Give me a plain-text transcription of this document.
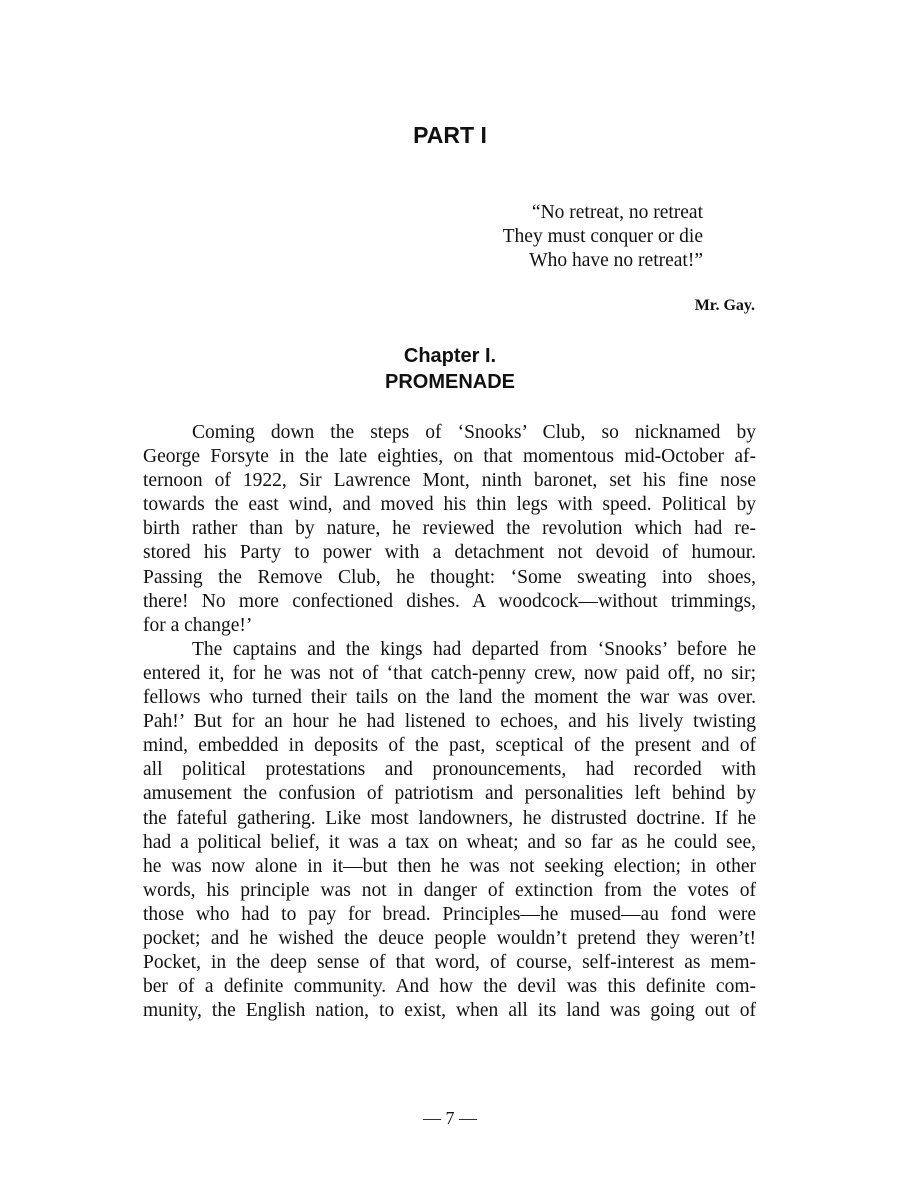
PART I
“No retreat, no retreat
They must conquer or die
Who have no retreat!”
Mr. Gay.
Chapter I.
PROMENADE
Coming down the steps of ‘Snooks’ Club, so nicknamed by
George Forsyte in the late eighties, on that momentous mid-October af-
ternoon of 1922, Sir Lawrence Mont, ninth baronet, set his fine nose
towards the east wind, and moved his thin legs with speed. Political by
birth rather than by nature, he reviewed the revolution which had re-
stored his Party to power with a detachment not devoid of humour.
Passing the Remove Club, he thought: ‘Some sweating into shoes,
there! No more confectioned dishes. A woodcock—without trimmings,
for a change!’
The captains and the kings had departed from ‘Snooks’ before he
entered it, for he was not of ‘that catch-penny crew, now paid off, no sir;
fellows who turned their tails on the land the moment the war was over.
Pah!’ But for an hour he had listened to echoes, and his lively twisting
mind, embedded in deposits of the past, sceptical of the present and of
all political protestations and pronouncements, had recorded with
amusement the confusion of patriotism and personalities left behind by
the fateful gathering. Like most landowners, he distrusted doctrine. If he
had a political belief, it was a tax on wheat; and so far as he could see,
he was now alone in it—but then he was not seeking election; in other
words, his principle was not in danger of extinction from the votes of
those who had to pay for bread. Principles—he mused—au fond were
pocket; and he wished the deuce people wouldn’t pretend they weren’t!
Pocket, in the deep sense of that word, of course, self-interest as mem-
ber of a definite community. And how the devil was this definite com-
munity, the English nation, to exist, when all its land was going out of
— 7 —
